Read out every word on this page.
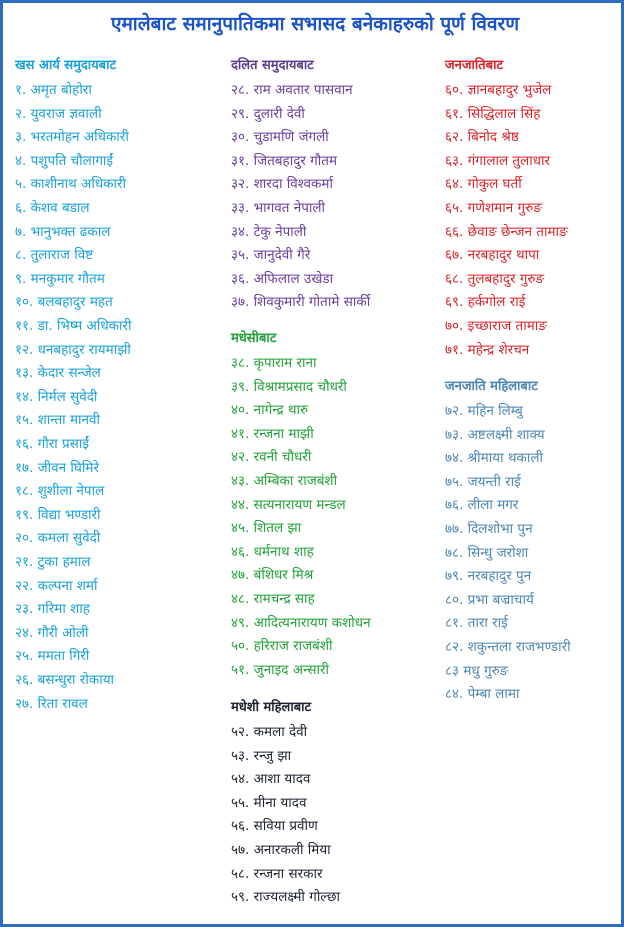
एमालेबाट समानुपातिकमा सभासद बनेकाहरुको पूर्ण विवरण
खस आर्य समुदायबाट
१. अमृत बोहोरा
२. युवराज ज्ञवाली
३. भरतमोहन अधिकारी
४. पशुपति चौलागाईं
५. काशीनाथ अधिकारी
६. केशव बडाल
७. भानुभक्त ढकाल
८. तुलाराज विष्ट
९. मनकुमार गौतम
१०. बलबहादुर महत
११. डा. भिष्म अधिकारी
१२. धनबहादुर रायमाझी
१३. केदार सन्जेल
१४. निर्मल सुवेदी
१५. शान्ता मानवी
१६. गौरा प्रसाईं
१७. जीवन घिमिरे
१८. शुशीला नेपाल
१९. विद्या भण्डारी
२०. कमला सुवेदी
२१. टुका हमाल
२२. कल्पना शर्मा
२३. गरिमा शाह
२४. गौरी ओली
२५. ममता गिरी
२६. बसन्धुरा रोकाया
२७. रिता रावल
दलित समुदायबाट
२८. राम अवतार पासवान
२९. दुलारी देवी
३०. चुडामणि जंगली
३१. जितबहादुर गौतम
३२. शारदा विश्वकर्मा
३३. भागवत नेपाली
३४. टेकु नेपाली
३५. जानुदेवी गैरे
३६. अफिलाल उखेडा
३७. शिवकुमारी गोतामे सार्की
मधेसीबाट
३८. कृपाराम राना
३९. विश्रामप्रसाद चौधरी
४०. नागेन्द्र थारु
४१. रन्जना माझी
४२. रवनी चौधरी
४३. अम्बिका राजबंशी
४४. सत्यनारायण मन्डल
४५. शितल झा
४६. धर्मनाथ शाह
४७. बंशिधर मिश्र
४८. रामचन्द्र साह
४९. आदित्यनारायण कशोधन
५०. हरिराज राजबंशी
५१. जुनाइद अन्सारी
मधेशी महिलाबाट
५२. कमला देवी
५३. रन्जु झा
५४. आशा यादव
५५. मीना यादव
५६. सविया प्रवीण
५७. अनारकली मिया
५८. रन्जना सरकार
५९. राज्यलक्ष्मी गोल्छा
जनजातिबाट
६०. ज्ञानबहादुर भुजेल
६१. सिद्धिलाल सिंह
६२. बिनोद श्रेष्ठ
६३. गंगालाल तुलाधार
६४. गोकुल घर्ती
६५. गणेशमान गुरुङ
६६. छेवाङ छेन्जन तामाङ
६७. नरबहादुर थापा
६८. तुलबहादुर गुरुङ
६९. हर्कगोल राई
७०. इच्छाराज तामाङ
७१. महेन्द्र शेरचन
जनजाति महिलाबाट
७२. महिन लिम्बु
७३. अष्टलक्ष्मी शाक्य
७४. श्रीमाया थकाली
७५. जयन्ती राई
७६. लीला मगर
७७. दिलशोभा पुन
७८. सिन्धु जरोशा
७९. नरबहादुर पुन
८०. प्रभा बज्राचार्य
८१. तारा राई
८२. शकुन्तला राजभण्डारी
८३ मधु गुरुङ
८४. पेम्बा लामा
